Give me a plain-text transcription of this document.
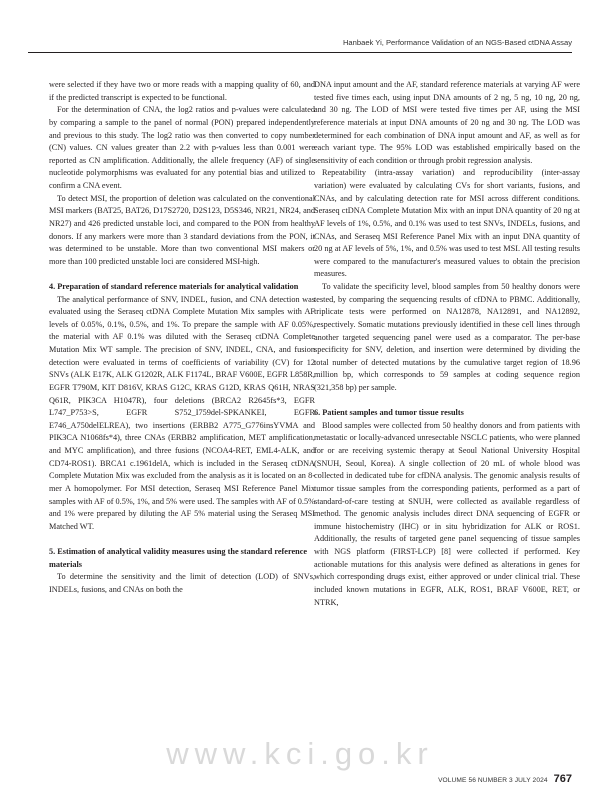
Hanbaek Yi, Performance Validation of an NGS-Based ctDNA Assay

were selected if they have two or more reads with a mapping quality of 60, and if the predicted transcript is expected to be functional.

For the determination of CNA, the log2 ratios and p-values were calculated by comparing a sample to the panel of normal (PON) prepared independently and previous to this study. The log2 ratio was then converted to copy number (CN) values. CN values greater than 2.2 with p-values less than 0.001 were reported as CN amplification. Additionally, the allele frequency (AF) of single nucleotide polymorphisms was evaluated for any potential bias and utilized to confirm a CNA event.

To detect MSI, the proportion of deletion was calculated on the conventional MSI markers (BAT25, BAT26, D17S2720, D2S123, D5S346, NR21, NR24, and NR27) and 426 predicted unstable loci, and compared to the PON from healthy donors. If any markers were more than 3 standard deviations from the PON, it was determined to be unstable. More than two conventional MSI makers or more than 100 predicted unstable loci are considered MSI-high.

4. Preparation of standard reference materials for analytical validation

The analytical performance of SNV, INDEL, fusion, and CNA detection was evaluated using the Seraseq ctDNA Complete Mutation Mix samples with AF levels of 0.05%, 0.1%, 0.5%, and 1%. To prepare the sample with AF 0.05%, the material with AF 0.1% was diluted with the Seraseq ctDNA Complete Mutation Mix WT sample. The precision of SNV, INDEL, CNA, and fusion detection were evaluated in terms of coefficients of variability (CV) for 12 SNVs (ALK E17K, ALK G1202R, ALK F1174L, BRAF V600E, EGFR L858R, EGFR T790M, KIT D816V, KRAS G12C, KRAS G12D, KRAS Q61H, NRAS Q61R, PIK3CA H1047R), four deletions (BRCA2 R2645fs*3, EGFR L747_P753>S, EGFR S752_I759del-SPKANKEI, EGFR E746_A750delELREA), two insertions (ERBB2 A775_G776insYVMA and PIK3CA N1068fs*4), three CNAs (ERBB2 amplification, MET amplification, and MYC amplification), and three fusions (NCOA4-RET, EML4-ALK, and CD74-ROS1). BRCA1 c.1961delA, which is included in the Seraseq ctDNA Complete Mutation Mix was excluded from the analysis as it is located on an 8-mer A homopolymer. For MSI detection, Seraseq MSI Reference Panel Mix samples with AF of 0.5%, 1%, and 5% were used. The samples with AF of 0.5% and 1% were prepared by diluting the AF 5% material using the Seraseq MSI Matched WT.

5. Estimation of analytical validity measures using the standard reference materials

To determine the sensitivity and the limit of detection (LOD) of SNVs, INDELs, fusions, and CNAs on both the

DNA input amount and the AF, standard reference materials at varying AF were tested five times each, using input DNA amounts of 2 ng, 5 ng, 10 ng, 20 ng, and 30 ng. The LOD of MSI were tested five times per AF, using the MSI reference materials at input DNA amounts of 20 ng and 30 ng. The LOD was determined for each combination of DNA input amount and AF, as well as for each variant type. The 95% LOD was established empirically based on the sensitivity of each condition or through probit regression analysis.

Repeatability (intra-assay variation) and reproducibility (inter-assay variation) were evaluated by calculating CVs for short variants, fusions, and CNAs, and by calculating detection rate for MSI across different conditions. Seraseq ctDNA Complete Mutation Mix with an input DNA quantity of 20 ng at AF levels of 1%, 0.5%, and 0.1% was used to test SNVs, INDELs, fusions, and CNAs, and Seraseq MSI Reference Panel Mix with an input DNA quantity of 20 ng at AF levels of 5%, 1%, and 0.5% was used to test MSI. All testing results were compared to the manufacturer's measured values to obtain the precision measures.

To validate the specificity level, blood samples from 50 healthy donors were tested, by comparing the sequencing results of cfDNA to PBMC. Additionally, triplicate tests were performed on NA12878, NA12891, and NA12892, respectively. Somatic mutations previously identified in these cell lines through another targeted sequencing panel were used as a comparator. The per-base specificity for SNV, deletion, and insertion were determined by dividing the total number of detected mutations by the cumulative target region of 18.96 million bp, which corresponds to 59 samples at coding sequence region (321,358 bp) per sample.

6. Patient samples and tumor tissue results

Blood samples were collected from 50 healthy donors and from patients with metastatic or locally-advanced unresectable NSCLC patients, who were planned for or are receiving systemic therapy at Seoul National University Hospital (SNUH, Seoul, Korea). A single collection of 20 mL of whole blood was collected in dedicated tube for cfDNA analysis. The genomic analysis results of tumor tissue samples from the corresponding patients, performed as a part of standard-of-care testing at SNUH, were collected as available regardless of method. The genomic analysis includes direct DNA sequencing of EGFR or immune histochemistry (IHC) or in situ hybridization for ALK or ROS1. Additionally, the results of targeted gene panel sequencing of tissue samples with NGS platform (FIRST-LCP) [8] were collected if performed. Key actionable mutations for this analysis were defined as alterations in genes for which corresponding drugs exist, either approved or under clinical trial. These included known mutations in EGFR, ALK, ROS1, BRAF V600E, RET, or NTRK,

www.kci.go.kr
VOLUME 56 NUMBER 3 JULY 2024 767
